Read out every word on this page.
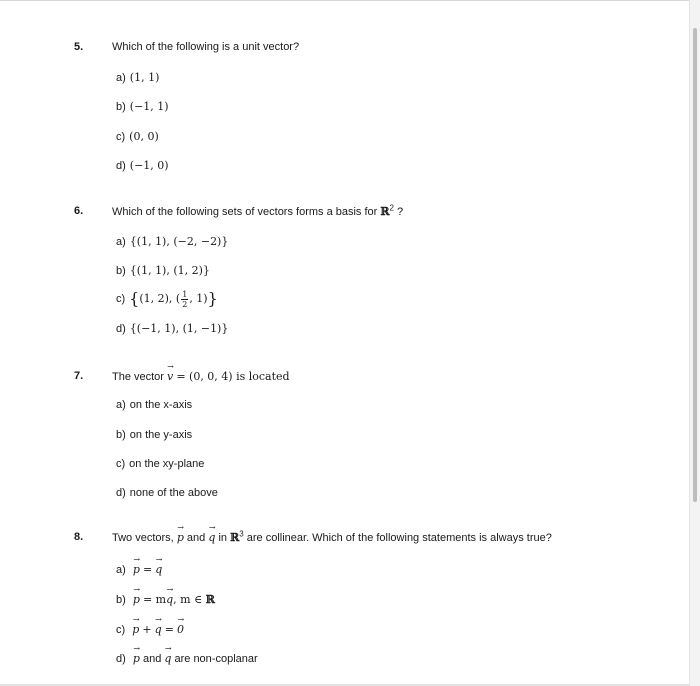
5.	Which of the following is a unit vector?
a) (1, 1)
b) (−1, 1)
c) (0, 0)
d) (−1, 0)
6.	Which of the following sets of vectors forms a basis for ℝ$^2$ ?
a) {(1, 1), (−2, −2)}
b) {(1, 1), (1, 2)}
c) {(1, 2), ( $\frac{1}{2}$ , 1)}
d) {(−1, 1), (1, −1)}
7.	The vector → v = (0, 0, 4) is located
a) on the x-axis
b) on the y-axis
c) on the xy-plane
d) none of the above
8.	Two vectors, → p and → q in ℝ$^3$ are collinear. Which of the following statements is always true?
a) → p = → q
b) → p = m→ q, m ∈ ℝ
c) → p + → q = → 0
d) → p and → q are non-coplanar
